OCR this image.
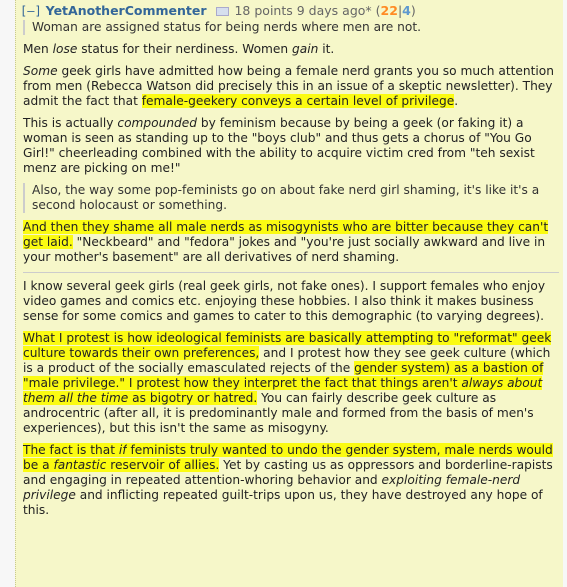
[–] YetAnotherCommenter 18 points 9 days ago* (22|4)
Woman are assigned status for being nerds where men are not.

Men lose status for their nerdiness. Women gain it.

Some geek girls have admitted how being a female nerd grants you so much attention from men (Rebecca Watson did precisely this in an issue of a skeptic newsletter). They admit the fact that female-geekery conveys a certain level of privilege.

This is actually compounded by feminism because by being a geek (or faking it) a woman is seen as standing up to the "boys club" and thus gets a chorus of "You Go Girl!" cheerleading combined with the ability to acquire victim cred from "teh sexist menz are picking on me!"

Also, the way some pop-feminists go on about fake nerd girl shaming, it's like it's a second holocaust or something.

And then they shame all male nerds as misogynists who are bitter because they can't get laid. "Neckbeard" and "fedora" jokes and "you're just socially awkward and live in your mother's basement" are all derivatives of nerd shaming.

I know several geek girls (real geek girls, not fake ones). I support females who enjoy video games and comics etc. enjoying these hobbies. I also think it makes business sense for some comics and games to cater to this demographic (to varying degrees).

What I protest is how ideological feminists are basically attempting to "reformat" geek culture towards their own preferences, and I protest how they see geek culture (which is a product of the socially emasculated rejects of the gender system) as a bastion of "male privilege." I protest how they interpret the fact that things aren't always about them all the time as bigotry or hatred. You can fairly describe geek culture as androcentric (after all, it is predominantly male and formed from the basis of men's experiences), but this isn't the same as misogyny.

The fact is that if feminists truly wanted to undo the gender system, male nerds would be a fantastic reservoir of allies. Yet by casting us as oppressors and borderline-rapists and engaging in repeated attention-whoring behavior and exploiting female-nerd privilege and inflicting repeated guilt-trips upon us, they have destroyed any hope of this.
